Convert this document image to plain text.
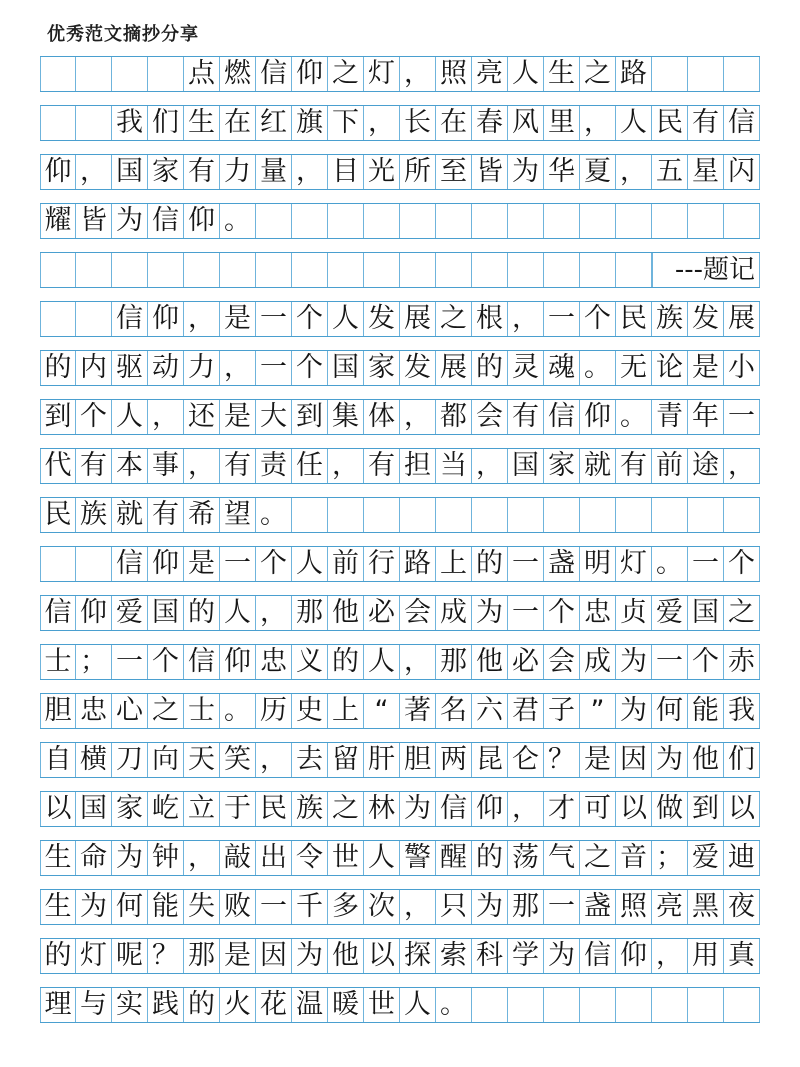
优秀范文摘抄分享
点 燃 信 仰 之 灯 ， 照 亮 人 生 之 路
我 们 生 在 红 旗 下 ， 长 在 春 风 里 ， 人 民 有 信
仰 ， 国 家 有 力 量 ， 目 光 所 至 皆 为 华 夏 ， 五 星 闪
耀 皆 为 信 仰 。
---题记
信 仰 ， 是 一 个 人 发 展 之 根 ， 一 个 民 族 发 展
的 内 驱 动 力 ， 一 个 国 家 发 展 的 灵 魂 。 无 论 是 小
到 个 人 ， 还 是 大 到 集 体 ， 都 会 有 信 仰 。 青 年 一
代 有 本 事 ， 有 责 任 ， 有 担 当 ， 国 家 就 有 前 途 ，
民 族 就 有 希 望 。
信 仰 是 一 个 人 前 行 路 上 的 一 盏 明 灯 。 一 个
信 仰 爱 国 的 人 ， 那 他 必 会 成 为 一 个 忠 贞 爱 国 之
士 ； 一 个 信 仰 忠 义 的 人 ， 那 他 必 会 成 为 一 个 赤
胆 忠 心 之 士 。 历 史 上 “ 著 名 六 君 子 ” 为 何 能 我
自 横 刀 向 天 笑 ， 去 留 肝 胆 两 昆 仑 ？ 是 因 为 他 们
以 国 家 屹 立 于 民 族 之 林 为 信 仰 ， 才 可 以 做 到 以
生 命 为 钟 ， 敲 出 令 世 人 警 醒 的 荡 气 之 音 ； 爱 迪
生 为 何 能 失 败 一 千 多 次 ， 只 为 那 一 盏 照 亮 黑 夜
的 灯 呢 ？ 那 是 因 为 他 以 探 索 科 学 为 信 仰 ， 用 真
理 与 实 践 的 火 花 温 暖 世 人 。
